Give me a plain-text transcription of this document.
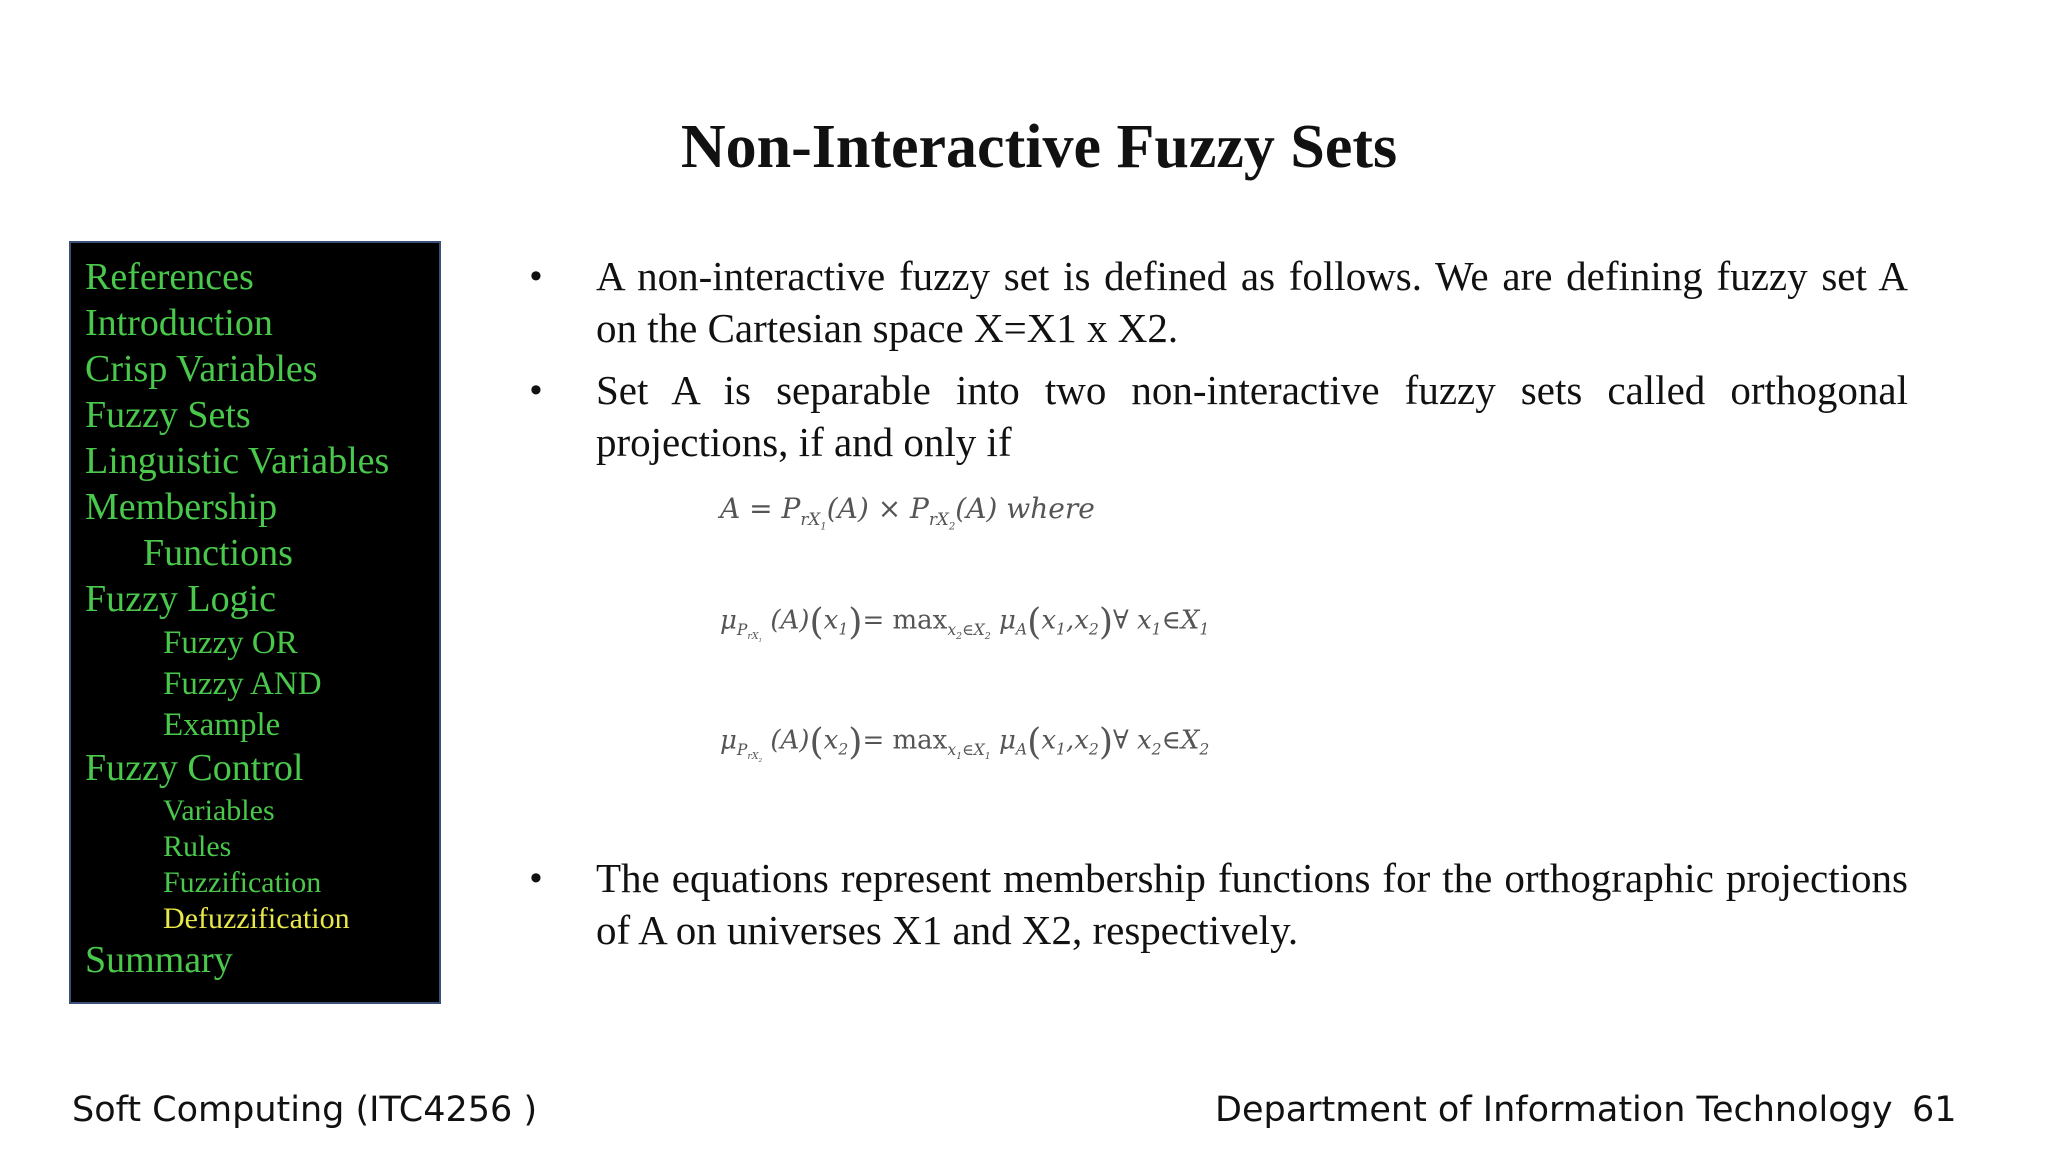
Non-Interactive Fuzzy Sets
References
Introduction
Crisp Variables
Fuzzy Sets
Linguistic Variables
Membership
Functions
Fuzzy Logic
Fuzzy OR
Fuzzy AND
Example
Fuzzy Control
Variables
Rules
Fuzzification
Defuzzification
Summary
• A non-interactive fuzzy set is defined as follows. We are defining fuzzy set A on the Cartesian space X=X1 x X2.
• Set A is separable into two non-interactive fuzzy sets called orthogonal projections, if and only if
• The equations represent membership functions for the orthographic projections of A on universes X1 and X2, respectively.
$A = P_{rX_1}(A) \times P_{rX_2}(A)$ where
$\mu_{P_{rX_1}}$ $(A)(x_1)= \max_{x_2\in X_2}$ $\mu_A(x_1,x_2)\forall$ $x_1\in X_1$
$\mu_{P_{rX_2}}$ $(A)(x_2)= \max_{x_1\in X_1}$ $\mu_A(x_1,x_2)\forall$ $x_2\in X_2$
Soft Computing (ITC4256 )	Department of Information Technology 61
